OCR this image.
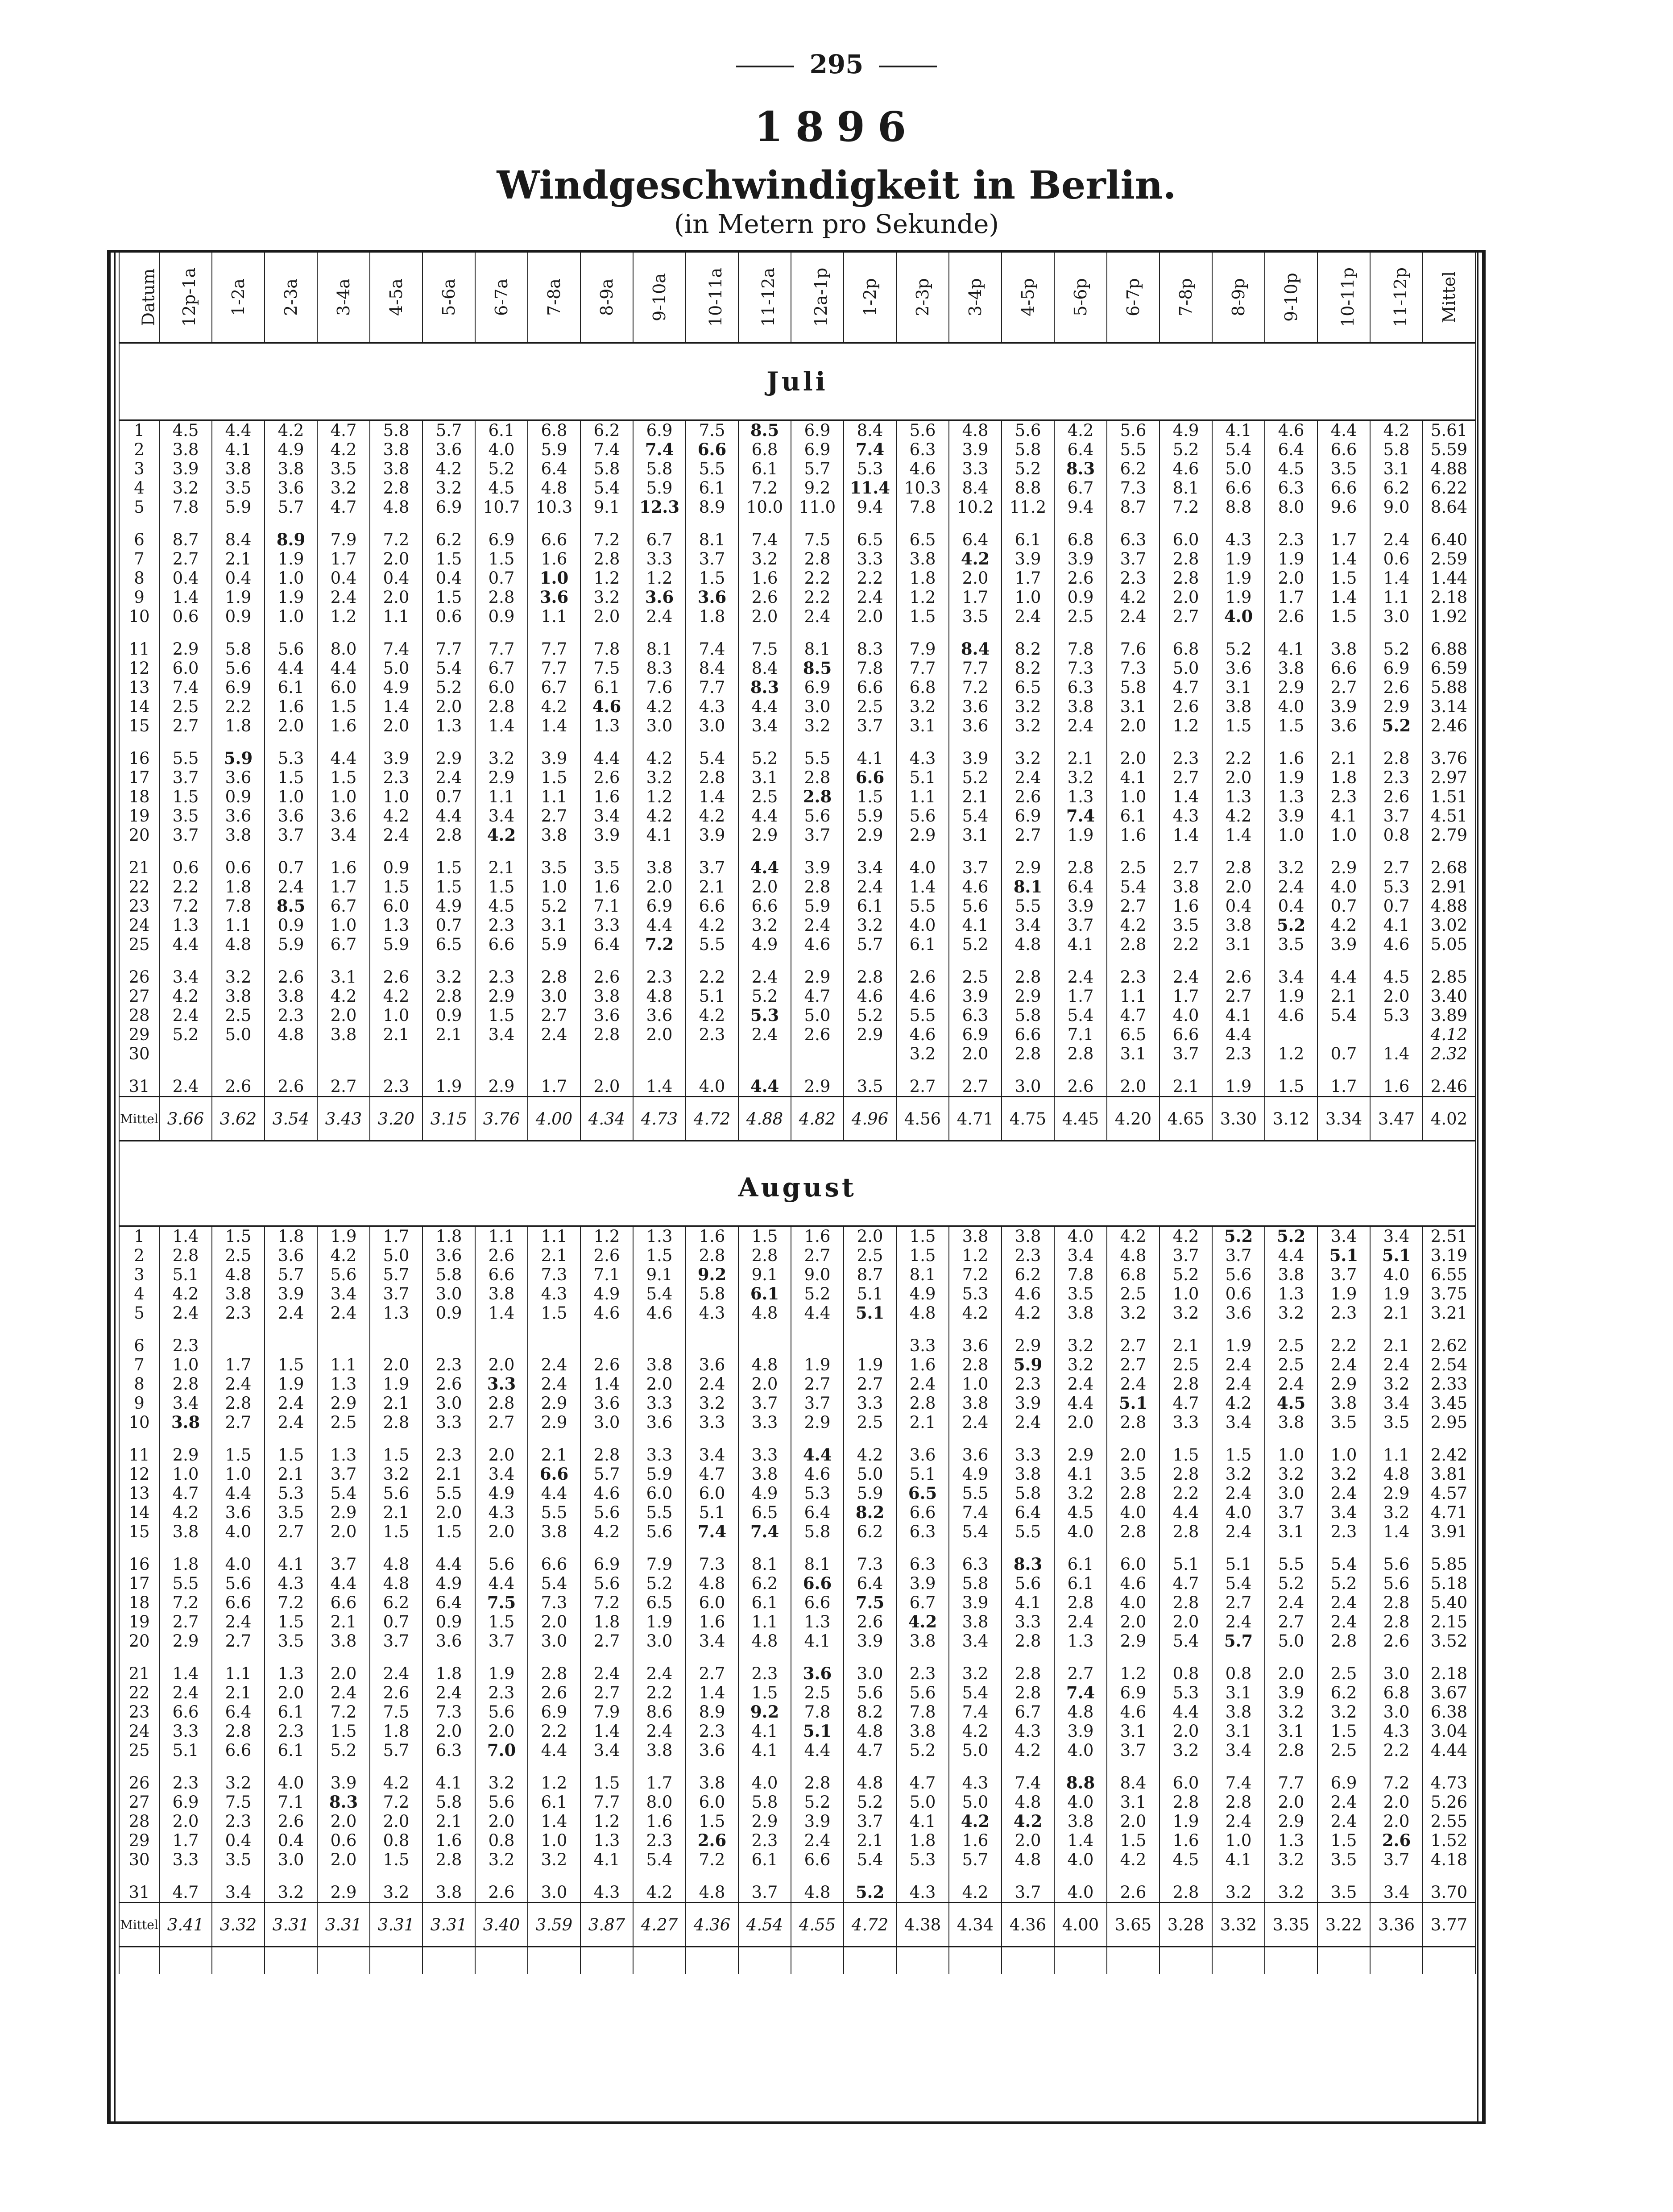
295
1896
Windgeschwindigkeit in Berlin.
(in Metern pro Sekunde)
Datum	12p-1a	1-2a	2-3a	3-4a	4-5a	5-6a	6-7a	7-8a	8-9a	9-10a	10-11a	11-12a	12a-1p	1-2p	2-3p	3-4p	4-5p	5-6p	6-7p	7-8p	8-9p	9-10p	10-11p	11-12p	Mittel
Juli																									
1	4.5	4.4	4.2	4.7	5.8	5.7	6.1	6.8	6.2	6.9	7.5	8.5	6.9	8.4	5.6	4.8	5.6	4.2	5.6	4.9	4.1	4.6	4.4	4.2	5.61
2	3.8	4.1	4.9	4.2	3.8	3.6	4.0	5.9	7.4	7.4	6.6	6.8	6.9	7.4	6.3	3.9	5.8	6.4	5.5	5.2	5.4	6.4	6.6	5.8	5.59
3	3.9	3.8	3.8	3.5	3.8	4.2	5.2	6.4	5.8	5.8	5.5	6.1	5.7	5.3	4.6	3.3	5.2	8.3	6.2	4.6	5.0	4.5	3.5	3.1	4.88
4	3.2	3.5	3.6	3.2	2.8	3.2	4.5	4.8	5.4	5.9	6.1	7.2	9.2	11.4	10.3	8.4	8.8	6.7	7.3	8.1	6.6	6.3	6.6	6.2	6.22
5	7.8	5.9	5.7	4.7	4.8	6.9	10.7	10.3	9.1	12.3	8.9	10.0	11.0	9.4	7.8	10.2	11.2	9.4	8.7	7.2	8.8	8.0	9.6	9.0	8.64
6	8.7	8.4	8.9	7.9	7.2	6.2	6.9	6.6	7.2	6.7	8.1	7.4	7.5	6.5	6.5	6.4	6.1	6.8	6.3	6.0	4.3	2.3	1.7	2.4	6.40
7	2.7	2.1	1.9	1.7	2.0	1.5	1.5	1.6	2.8	3.3	3.7	3.2	2.8	3.3	3.8	4.2	3.9	3.9	3.7	2.8	1.9	1.9	1.4	0.6	2.59
8	0.4	0.4	1.0	0.4	0.4	0.4	0.7	1.0	1.2	1.2	1.5	1.6	2.2	2.2	1.8	2.0	1.7	2.6	2.3	2.8	1.9	2.0	1.5	1.4	1.44
9	1.4	1.9	1.9	2.4	2.0	1.5	2.8	3.6	3.2	3.6	3.6	2.6	2.2	2.4	1.2	1.7	1.0	0.9	4.2	2.0	1.9	1.7	1.4	1.1	2.18
10	0.6	0.9	1.0	1.2	1.1	0.6	0.9	1.1	2.0	2.4	1.8	2.0	2.4	2.0	1.5	3.5	2.4	2.5	2.4	2.7	4.0	2.6	1.5	3.0	1.92
11	2.9	5.8	5.6	8.0	7.4	7.7	7.7	7.7	7.8	8.1	7.4	7.5	8.1	8.3	7.9	8.4	8.2	7.8	7.6	6.8	5.2	4.1	3.8	5.2	6.88
12	6.0	5.6	4.4	4.4	5.0	5.4	6.7	7.7	7.5	8.3	8.4	8.4	8.5	7.8	7.7	7.7	8.2	7.3	7.3	5.0	3.6	3.8	6.6	6.9	6.59
13	7.4	6.9	6.1	6.0	4.9	5.2	6.0	6.7	6.1	7.6	7.7	8.3	6.9	6.6	6.8	7.2	6.5	6.3	5.8	4.7	3.1	2.9	2.7	2.6	5.88
14	2.5	2.2	1.6	1.5	1.4	2.0	2.8	4.2	4.6	4.2	4.3	4.4	3.0	2.5	3.2	3.6	3.2	3.8	3.1	2.6	3.8	4.0	3.9	2.9	3.14
15	2.7	1.8	2.0	1.6	2.0	1.3	1.4	1.4	1.3	3.0	3.0	3.4	3.2	3.7	3.1	3.6	3.2	2.4	2.0	1.2	1.5	1.5	3.6	5.2	2.46
16	5.5	5.9	5.3	4.4	3.9	2.9	3.2	3.9	4.4	4.2	5.4	5.2	5.5	4.1	4.3	3.9	3.2	2.1	2.0	2.3	2.2	1.6	2.1	2.8	3.76
17	3.7	3.6	1.5	1.5	2.3	2.4	2.9	1.5	2.6	3.2	2.8	3.1	2.8	6.6	5.1	5.2	2.4	3.2	4.1	2.7	2.0	1.9	1.8	2.3	2.97
18	1.5	0.9	1.0	1.0	1.0	0.7	1.1	1.1	1.6	1.2	1.4	2.5	2.8	1.5	1.1	2.1	2.6	1.3	1.0	1.4	1.3	1.3	2.3	2.6	1.51
19	3.5	3.6	3.6	3.6	4.2	4.4	3.4	2.7	3.4	4.2	4.2	4.4	5.6	5.9	5.6	5.4	6.9	7.4	6.1	4.3	4.2	3.9	4.1	3.7	4.51
20	3.7	3.8	3.7	3.4	2.4	2.8	4.2	3.8	3.9	4.1	3.9	2.9	3.7	2.9	2.9	3.1	2.7	1.9	1.6	1.4	1.4	1.0	1.0	0.8	2.79
21	0.6	0.6	0.7	1.6	0.9	1.5	2.1	3.5	3.5	3.8	3.7	4.4	3.9	3.4	4.0	3.7	2.9	2.8	2.5	2.7	2.8	3.2	2.9	2.7	2.68
22	2.2	1.8	2.4	1.7	1.5	1.5	1.5	1.0	1.6	2.0	2.1	2.0	2.8	2.4	1.4	4.6	8.1	6.4	5.4	3.8	2.0	2.4	4.0	5.3	2.91
23	7.2	7.8	8.5	6.7	6.0	4.9	4.5	5.2	7.1	6.9	6.6	6.6	5.9	6.1	5.5	5.6	5.5	3.9	2.7	1.6	0.4	0.4	0.7	0.7	4.88
24	1.3	1.1	0.9	1.0	1.3	0.7	2.3	3.1	3.3	4.4	4.2	3.2	2.4	3.2	4.0	4.1	3.4	3.7	4.2	3.5	3.8	5.2	4.2	4.1	3.02
25	4.4	4.8	5.9	6.7	5.9	6.5	6.6	5.9	6.4	7.2	5.5	4.9	4.6	5.7	6.1	5.2	4.8	4.1	2.8	2.2	3.1	3.5	3.9	4.6	5.05
26	3.4	3.2	2.6	3.1	2.6	3.2	2.3	2.8	2.6	2.3	2.2	2.4	2.9	2.8	2.6	2.5	2.8	2.4	2.3	2.4	2.6	3.4	4.4	4.5	2.85
27	4.2	3.8	3.8	4.2	4.2	2.8	2.9	3.0	3.8	4.8	5.1	5.2	4.7	4.6	4.6	3.9	2.9	1.7	1.1	1.7	2.7	1.9	2.1	2.0	3.40
28	2.4	2.5	2.3	2.0	1.0	0.9	1.5	2.7	3.6	3.6	4.2	5.3	5.0	5.2	5.5	6.3	5.8	5.4	4.7	4.0	4.1	4.6	5.4	5.3	3.89
29	5.2	5.0	4.8	3.8	2.1	2.1	3.4	2.4	2.8	2.0	2.3	2.4	2.6	2.9	4.6	6.9	6.6	7.1	6.5	6.6	4.4				4.12
30															3.2	2.0	2.8	2.8	3.1	3.7	2.3	1.2	0.7	1.4	2.32
31	2.4	2.6	2.6	2.7	2.3	1.9	2.9	1.7	2.0	1.4	4.0	4.4	2.9	3.5	2.7	2.7	3.0	2.6	2.0	2.1	1.9	1.5	1.7	1.6	2.46
Mittel	3.66	3.62	3.54	3.43	3.20	3.15	3.76	4.00	4.34	4.73	4.72	4.88	4.82	4.96	4.56	4.71	4.75	4.45	4.20	4.65	3.30	3.12	3.34	3.47	4.02

August																									
1	1.4	1.5	1.8	1.9	1.7	1.8	1.1	1.1	1.2	1.3	1.6	1.5	1.6	2.0	1.5	3.8	3.8	4.0	4.2	4.2	5.2	5.2	3.4	3.4	2.51
2	2.8	2.5	3.6	4.2	5.0	3.6	2.6	2.1	2.6	1.5	2.8	2.8	2.7	2.5	1.5	1.2	2.3	3.4	4.8	3.7	3.7	4.4	5.1	5.1	3.19
3	5.1	4.8	5.7	5.6	5.7	5.8	6.6	7.3	7.1	9.1	9.2	9.1	9.0	8.7	8.1	7.2	6.2	7.8	6.8	5.2	5.6	3.8	3.7	4.0	6.55
4	4.2	3.8	3.9	3.4	3.7	3.0	3.8	4.3	4.9	5.4	5.8	6.1	5.2	5.1	4.9	5.3	4.6	3.5	2.5	1.0	0.6	1.3	1.9	1.9	3.75
5	2.4	2.3	2.4	2.4	1.3	0.9	1.4	1.5	4.6	4.6	4.3	4.8	4.4	5.1	4.8	4.2	4.2	3.8	3.2	3.2	3.6	3.2	2.3	2.1	3.21
6	2.3														3.3	3.6	2.9	3.2	2.7	2.1	1.9	2.5	2.2	2.1	2.62
7	1.0	1.7	1.5	1.1	2.0	2.3	2.0	2.4	2.6	3.8	3.6	4.8	1.9	1.9	1.6	2.8	5.9	3.2	2.7	2.5	2.4	2.5	2.4	2.4	2.54
8	2.8	2.4	1.9	1.3	1.9	2.6	3.3	2.4	1.4	2.0	2.4	2.0	2.7	2.7	2.4	1.0	2.3	2.4	2.4	2.8	2.4	2.4	2.9	3.2	2.33
9	3.4	2.8	2.4	2.9	2.1	3.0	2.8	2.9	3.6	3.3	3.2	3.7	3.7	3.3	2.8	3.8	3.9	4.4	5.1	4.7	4.2	4.5	3.8	3.4	3.45
10	3.8	2.7	2.4	2.5	2.8	3.3	2.7	2.9	3.0	3.6	3.3	3.3	2.9	2.5	2.1	2.4	2.4	2.0	2.8	3.3	3.4	3.8	3.5	3.5	2.95
11	2.9	1.5	1.5	1.3	1.5	2.3	2.0	2.1	2.8	3.3	3.4	3.3	4.4	4.2	3.6	3.6	3.3	2.9	2.0	1.5	1.5	1.0	1.0	1.1	2.42
12	1.0	1.0	2.1	3.7	3.2	2.1	3.4	6.6	5.7	5.9	4.7	3.8	4.6	5.0	5.1	4.9	3.8	4.1	3.5	2.8	3.2	3.2	3.2	4.8	3.81
13	4.7	4.4	5.3	5.4	5.6	5.5	4.9	4.4	4.6	6.0	6.0	4.9	5.3	5.9	6.5	5.5	5.8	3.2	2.8	2.2	2.4	3.0	2.4	2.9	4.57
14	4.2	3.6	3.5	2.9	2.1	2.0	4.3	5.5	5.6	5.5	5.1	6.5	6.4	8.2	6.6	7.4	6.4	4.5	4.0	4.4	4.0	3.7	3.4	3.2	4.71
15	3.8	4.0	2.7	2.0	1.5	1.5	2.0	3.8	4.2	5.6	7.4	7.4	5.8	6.2	6.3	5.4	5.5	4.0	2.8	2.8	2.4	3.1	2.3	1.4	3.91
16	1.8	4.0	4.1	3.7	4.8	4.4	5.6	6.6	6.9	7.9	7.3	8.1	8.1	7.3	6.3	6.3	8.3	6.1	6.0	5.1	5.1	5.5	5.4	5.6	5.85
17	5.5	5.6	4.3	4.4	4.8	4.9	4.4	5.4	5.6	5.2	4.8	6.2	6.6	6.4	3.9	5.8	5.6	6.1	4.6	4.7	5.4	5.2	5.2	5.6	5.18
18	7.2	6.6	7.2	6.6	6.2	6.4	7.5	7.3	7.2	6.5	6.0	6.1	6.6	7.5	6.7	3.9	4.1	2.8	4.0	2.8	2.7	2.4	2.4	2.8	5.40
19	2.7	2.4	1.5	2.1	0.7	0.9	1.5	2.0	1.8	1.9	1.6	1.1	1.3	2.6	4.2	3.8	3.3	2.4	2.0	2.0	2.4	2.7	2.4	2.8	2.15
20	2.9	2.7	3.5	3.8	3.7	3.6	3.7	3.0	2.7	3.0	3.4	4.8	4.1	3.9	3.8	3.4	2.8	1.3	2.9	5.4	5.7	5.0	2.8	2.6	3.52
21	1.4	1.1	1.3	2.0	2.4	1.8	1.9	2.8	2.4	2.4	2.7	2.3	3.6	3.0	2.3	3.2	2.8	2.7	1.2	0.8	0.8	2.0	2.5	3.0	2.18
22	2.4	2.1	2.0	2.4	2.6	2.4	2.3	2.6	2.7	2.2	1.4	1.5	2.5	5.6	5.6	5.4	2.8	7.4	6.9	5.3	3.1	3.9	6.2	6.8	3.67
23	6.6	6.4	6.1	7.2	7.5	7.3	5.6	6.9	7.9	8.6	8.9	9.2	7.8	8.2	7.8	7.4	6.7	4.8	4.6	4.4	3.8	3.2	3.2	3.0	6.38
24	3.3	2.8	2.3	1.5	1.8	2.0	2.0	2.2	1.4	2.4	2.3	4.1	5.1	4.8	3.8	4.2	4.3	3.9	3.1	2.0	3.1	3.1	1.5	4.3	3.04
25	5.1	6.6	6.1	5.2	5.7	6.3	7.0	4.4	3.4	3.8	3.6	4.1	4.4	4.7	5.2	5.0	4.2	4.0	3.7	3.2	3.4	2.8	2.5	2.2	4.44
26	2.3	3.2	4.0	3.9	4.2	4.1	3.2	1.2	1.5	1.7	3.8	4.0	2.8	4.8	4.7	4.3	7.4	8.8	8.4	6.0	7.4	7.7	6.9	7.2	4.73
27	6.9	7.5	7.1	8.3	7.2	5.8	5.6	6.1	7.7	8.0	6.0	5.8	5.2	5.2	5.0	5.0	4.8	4.0	3.1	2.8	2.8	2.0	2.4	2.0	5.26
28	2.0	2.3	2.6	2.0	2.0	2.1	2.0	1.4	1.2	1.6	1.5	2.9	3.9	3.7	4.1	4.2	4.2	3.8	2.0	1.9	2.4	2.9	2.4	2.0	2.55
29	1.7	0.4	0.4	0.6	0.8	1.6	0.8	1.0	1.3	2.3	2.6	2.3	2.4	2.1	1.8	1.6	2.0	1.4	1.5	1.6	1.0	1.3	1.5	2.6	1.52
30	3.3	3.5	3.0	2.0	1.5	2.8	3.2	3.2	4.1	5.4	7.2	6.1	6.6	5.4	5.3	5.7	4.8	4.0	4.2	4.5	4.1	3.2	3.5	3.7	4.18
31	4.7	3.4	3.2	2.9	3.2	3.8	2.6	3.0	4.3	4.2	4.8	3.7	4.8	5.2	4.3	4.2	3.7	4.0	2.6	2.8	3.2	3.2	3.5	3.4	3.70
Mittel	3.41	3.32	3.31	3.31	3.31	3.31	3.40	3.59	3.87	4.27	4.36	4.54	4.55	4.72	4.38	4.34	4.36	4.00	3.65	3.28	3.32	3.35	3.22	3.36	3.77
